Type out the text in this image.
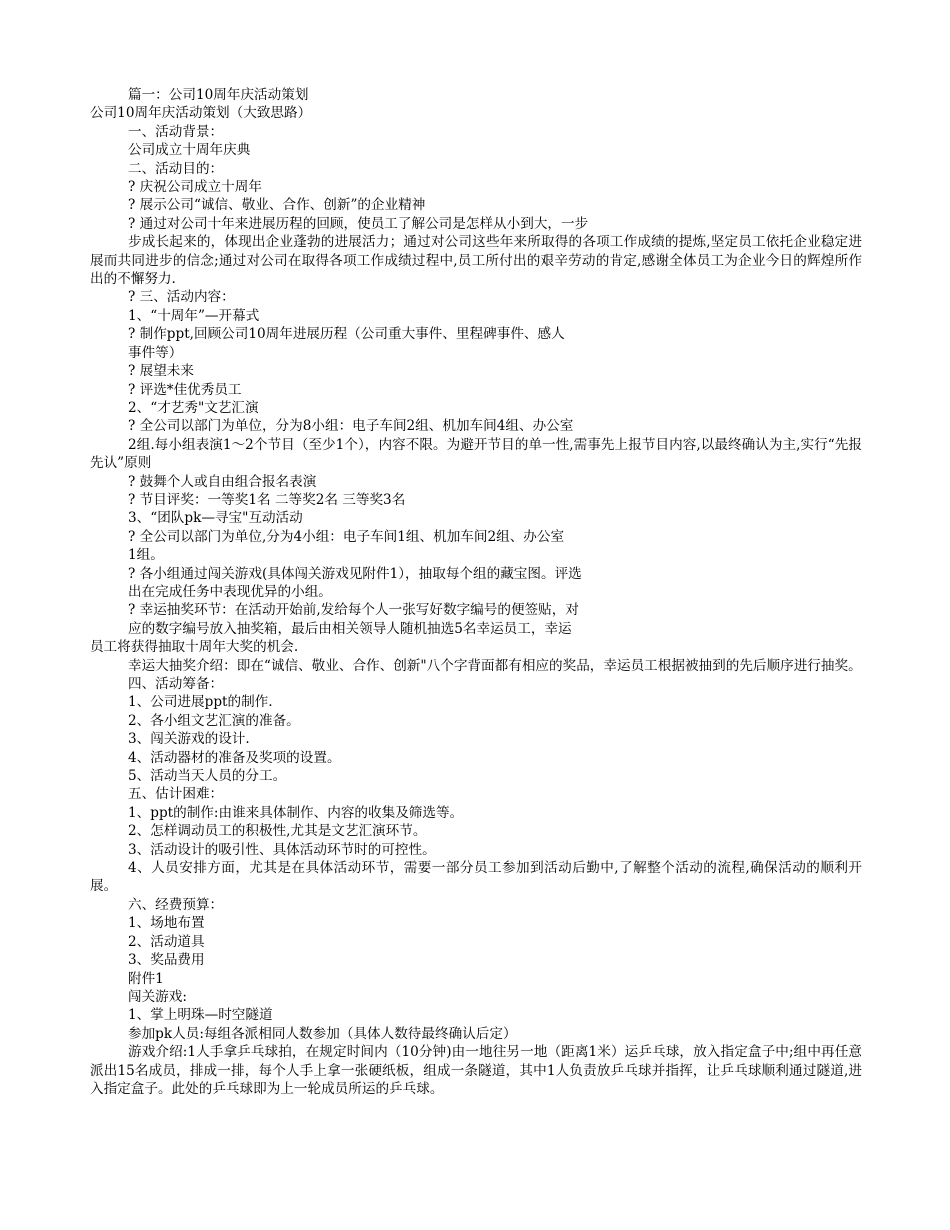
篇一：公司10周年庆活动策划

公司10周年庆活动策划（大致思路）

一、活动背景：

公司成立十周年庆典

二、活动目的：

? 庆祝公司成立十周年

? 展示公司“诚信、敬业、合作、创新”的企业精神

? 通过对公司十年来进展历程的回顾，使员工了解公司是怎样从小到大，一步

步成长起来的，体现出企业蓬勃的进展活力；通过对公司这些年来所取得的各项工作成绩的提炼,坚定员工依托企业稳定进展而共同进步的信念;通过对公司在取得各项工作成绩过程中,员工所付出的艰辛劳动的肯定,感谢全体员工为企业今日的辉煌所作出的不懈努力.

? 三、活动内容：

1、“十周年”—开幕式

? 制作ppt,回顾公司10周年进展历程（公司重大事件、里程碑事件、感人

事件等）

? 展望未来

? 评选*佳优秀员工

2、“才艺秀"文艺汇演

? 全公司以部门为单位，分为8小组：电子车间2组、机加车间4组、办公室

2组.每小组表演1～2个节目（至少1个），内容不限。为避开节目的单一性,需事先上报节目内容,以最终确认为主,实行“先报先认”原则

? 鼓舞个人或自由组合报名表演

? 节目评奖：一等奖1名 二等奖2名 三等奖3名

3、“团队pk—寻宝"互动活动

? 全公司以部门为单位,分为4小组：电子车间1组、机加车间2组、办公室

1组。

? 各小组通过闯关游戏(具体闯关游戏见附件1），抽取每个组的藏宝图。评选

出在完成任务中表现优异的小组。

? 幸运抽奖环节：在活动开始前,发给每个人一张写好数字编号的便签贴，对

应的数字编号放入抽奖箱，最后由相关领导人随机抽选5名幸运员工，幸运

员工将获得抽取十周年大奖的机会.

幸运大抽奖介绍：即在“诚信、敬业、合作、创新"八个字背面都有相应的奖品，幸运员工根据被抽到的先后顺序进行抽奖。

四、活动筹备：

1、公司进展ppt的制作.

2、各小组文艺汇演的准备。

3、闯关游戏的设计.

4、活动器材的准备及奖项的设置。

5、活动当天人员的分工。

五、估计困难：

1、ppt的制作:由谁来具体制作、内容的收集及筛选等。

2、怎样调动员工的积极性,尤其是文艺汇演环节。

3、活动设计的吸引性、具体活动环节时的可控性。

4、人员安排方面，尤其是在具体活动环节，需要一部分员工参加到活动后勤中,了解整个活动的流程,确保活动的顺利开展。

六、经费预算：

1、场地布置

2、活动道具

3、奖品费用

附件1

闯关游戏:

1、掌上明珠—时空隧道

参加pk人员:每组各派相同人数参加（具体人数待最终确认后定）

游戏介绍:1人手拿乒乓球拍，在规定时间内（10分钟)由一地往另一地（距离1米）运乒乓球，放入指定盒子中;组中再任意派出15名成员，排成一排，每个人手上拿一张硬纸板，组成一条隧道，其中1人负责放乒乓球并指挥，让乒乓球顺利通过隧道,进入指定盒子。此处的乒乓球即为上一轮成员所运的乒乓球。
